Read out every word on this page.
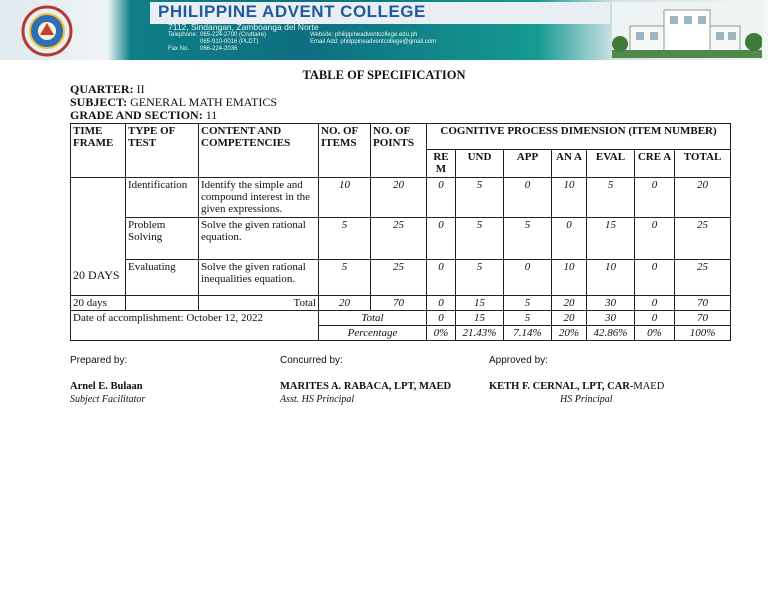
PHILIPPINE ADVENT COLLEGE
7112, Sindangan, Zamboanga del Norte
Telephone: 065-224-2700 (Cruttaire)
065-910-0016 (PLDT)
Fax No. 066-224-2036
Website: philippineadventcollege.edu.ph
Email Add: philippineadventcollege@gmail.com
TABLE OF SPECIFICATION
QUARTER: II
SUBJECT: GENERAL MATH EMATICS
GRADE AND SECTION: 11
TIME FRAME	TYPE OF TEST	CONTENT AND COMPETENCIES	NO. OF ITEMS	NO. OF POINTS	COGNITIVE PROCESS DIMENSION (ITEM NUMBER)						
					RE M	UND	APP	AN A	EVAL	CRE A	TOTAL
20 DAYS	Identification	Identify the simple and compound interest in the given expressions.	10	20	0	5	0	10	5	0	20
	Problem Solving	Solve the given rational equation.	5	25	0	5	5	0	15	0	25
	Evaluating	Solve the given rational inequalities equation.	5	25	0	5	0	10	10	0	25
20 days		Total	20	70	0	15	5	20	30	0	70
Date of accomplishment: October 12, 2022			Total		0	15	5	20	30	0	70
			Percentage		0%	21.43%	7.14%	20%	42.86%	0%	100%
Prepared by:
Arnel E. Bulaan
Subject Facilitator
Concurred by:
MARITES A. RABACA, LPT, MAED
Asst. HS Principal
Approved by:
KETH F. CERNAL, LPT, CAR-MAED
HS Principal
